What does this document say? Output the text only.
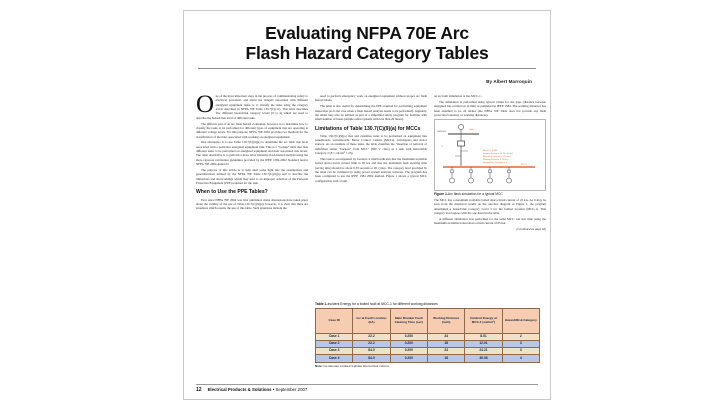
Evaluating NFPA 70E Arc
Flash Hazard Category Tables
By Albert Marroquin
O ne of the most important steps in the process of communicating safety to electrical personnel, and about the dangers associated with different energized equipment tasks, is to classify the tasks using the category levels described in NFPA 70E Table 130.7(C)(11). This table describes five different hazard/risk category levels (0 to 4) which are used to describe the hazard/risk level of different tasks.

The difficult part of an arc flash hazard evaluation, however, is to determine how to classify the tasks to be performed for different types of equipment that are operating at different voltage levels. For this purpose, NFPA 70E 2004 provides two methods for the classification of the risks associated with working on energized equipment.

One alternative is to use Table 130.7(C)(9)(a) to determine the arc flash risk level associated with a particular energized equipment task. This is a "lookup" table that lists different tasks to be performed on energized equipment and their associated risk levels. The other alternative is to perform a more labor intensive flash hazard analysis using the more rigorous calculation guidelines provided by the IEEE 1584-2002 Standard and/or NFPA 70E 2004 Annex D.

The purpose of this article is to help shed some light into the assumptions and generalizations utilized by the NFPA 70E Table 130.7(C)(9)(a) and to describe the limitations and shortcomings which may lead to an improper selection of the Personal Protective Equipment (PPE) required for the task.

When to Use the PPE Tables?

Ever since NFPA 70E 2004 was first published, many discussions have taken place about the validity of the use of Table 130.7(C)(9)(a); however, it is clear that there are situations which require the use of this table. Such situations include the

need to perform emergency work on energized equipment without proper arc flash hazard labels.

The table is also useful for determining the PPE required for performing equipment inspection (as is the case when a flash hazard analysis needs to be performed). Arguably, the tables may also be utilized as part of a simplified safety program for facilities with small number of buses (simple radial systems with less than 20 buses).

Limitations of Table 130.7(C)(9)(a) for MCCs

Table 130.7(C)(9)(a) lists and classifies tasks to be performed on equipment like panelboards, switchboards, Motor Control Centers (MCCs), switchgears and motor starters. As an example of these tasks, the table classifies the "insertion or removal of individual starter "buckets" from MCC" (600 V class) as a task with hazard/risk Category 2 (8 < cal/cm² < 25).

This task is accompanied by footnote 4 which indicates that the maximum available bolted short-circuit current limit is 65 kA and that the maximum fault clearing time (arcing time) should be about 0.33 seconds or 20 cycles. The category level provided by the table can be validated by using power system analysis software. The program has been configured to use the IEEE 1584 2002 method. Figure 1 shows a typical MCC configuration with a fault

an arc fault simulation at bus MCC-1.

The simulation is performed using typical values for the gaps (distance between energized bus conductors in mm) as published in IEEE 1584. The working distances has been assumed to be 24 inches (the NFPA 70E Table does not provide any flash protection boundary or working distances).

Bus kV = 0.480
Incident Energy = 24.21 cal/cm2
Boundary Distance = 110 inch
Working Distance = 24 inch
Hazard Risk Category = 3
Utility
T1
MCC-1
MAIN-BUS
Figure 1-Arc flash simulation for a typical MCC

The MCC has a maximum available bolted short-circuit current of 22 kA. As it may be seen from the displayed results on the one-line diagram of Figure 1, the program determined a hazard/risk Category Level 3 for the faulted location (MCC-1). This category level agrees with the one listed in the table.

A different simulation was performed for the same MCC, but this time using the maximum available bolted short-circuit current of 65 kA.

(Continued on page 18)
Table 1-Incident Energy for a bolted fault at MCC-1 for different working distances
Case ID	Isc at Fault Location (kA)	Main Breaker Fault Clearing Time (sec)	Working Distance (inch)	Incident Energy at MCC-1 (cal/cm²)	Hazard/Risk Category
Case 1	22.2	0.200	24	8.01	2
Case 2	22.2	0.200	18	12.01	3
Case 3	84.0	0.200	24	24.21	3
Case 4	84.0	0.200	18	38.08	4
Note: Isc denotes a bolted 3-phase short-circuit current.
12 Electrical Products & Solutions • September 2007
